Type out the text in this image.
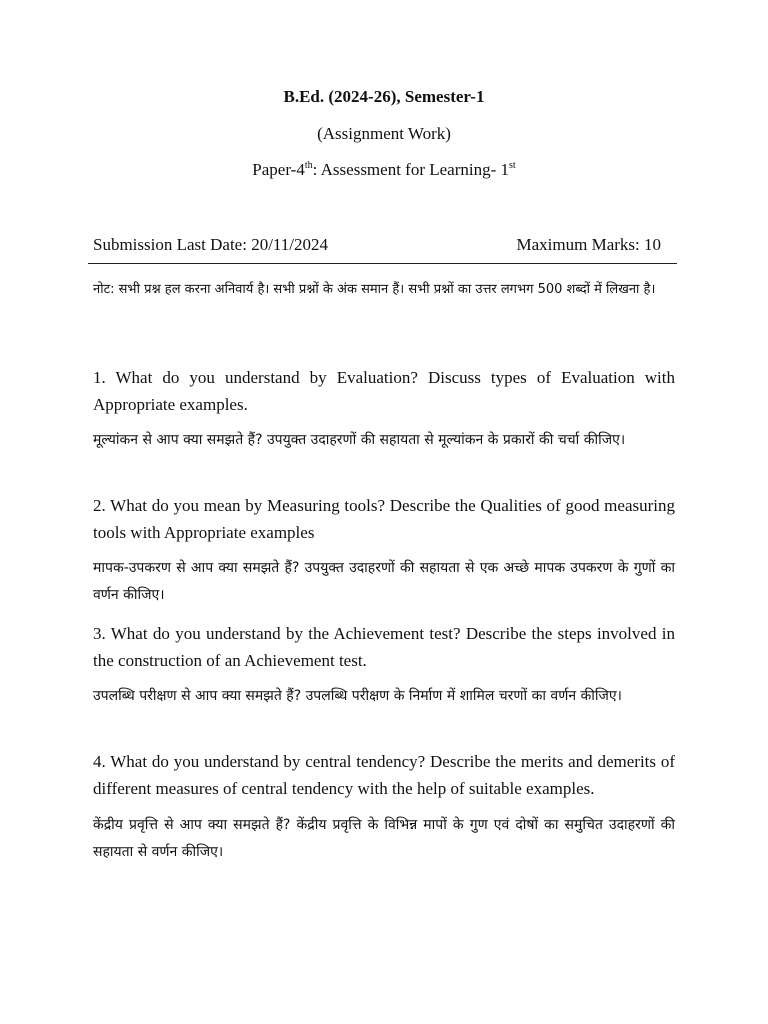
B.Ed. (2024-26), Semester-1
(Assignment Work)
Paper-4th: Assessment for Learning- 1st
Submission Last Date: 20/11/2024	Maximum Marks: 10
नोट: सभी प्रश्न हल करना अनिवार्य है। सभी प्रश्नों के अंक समान हैं। सभी प्रश्नों का उत्तर लगभग 500 शब्दों में लिखना है।
1. What do you understand by Evaluation? Discuss types of Evaluation with Appropriate examples.
मूल्यांकन से आप क्या समझते हैं? उपयुक्त उदाहरणों की सहायता से मूल्यांकन के प्रकारों की चर्चा कीजिए।
2. What do you mean by Measuring tools? Describe the Qualities of good measuring tools with Appropriate examples
मापक-उपकरण से आप क्या समझते हैं? उपयुक्त उदाहरणों की सहायता से एक अच्छे मापक उपकरण के गुणों का वर्णन कीजिए।
3. What do you understand by the Achievement test? Describe the steps involved in the construction of an Achievement test.
उपलब्धि परीक्षण से आप क्या समझते हैं? उपलब्धि परीक्षण के निर्माण में शामिल चरणों का वर्णन कीजिए।
4. What do you understand by central tendency? Describe the merits and demerits of different measures of central tendency with the help of suitable examples.
केंद्रीय प्रवृत्ति से आप क्या समझते हैं? केंद्रीय प्रवृत्ति के विभिन्न मापों के गुण एवं दोषों का समुचित उदाहरणों की सहायता से वर्णन कीजिए।
